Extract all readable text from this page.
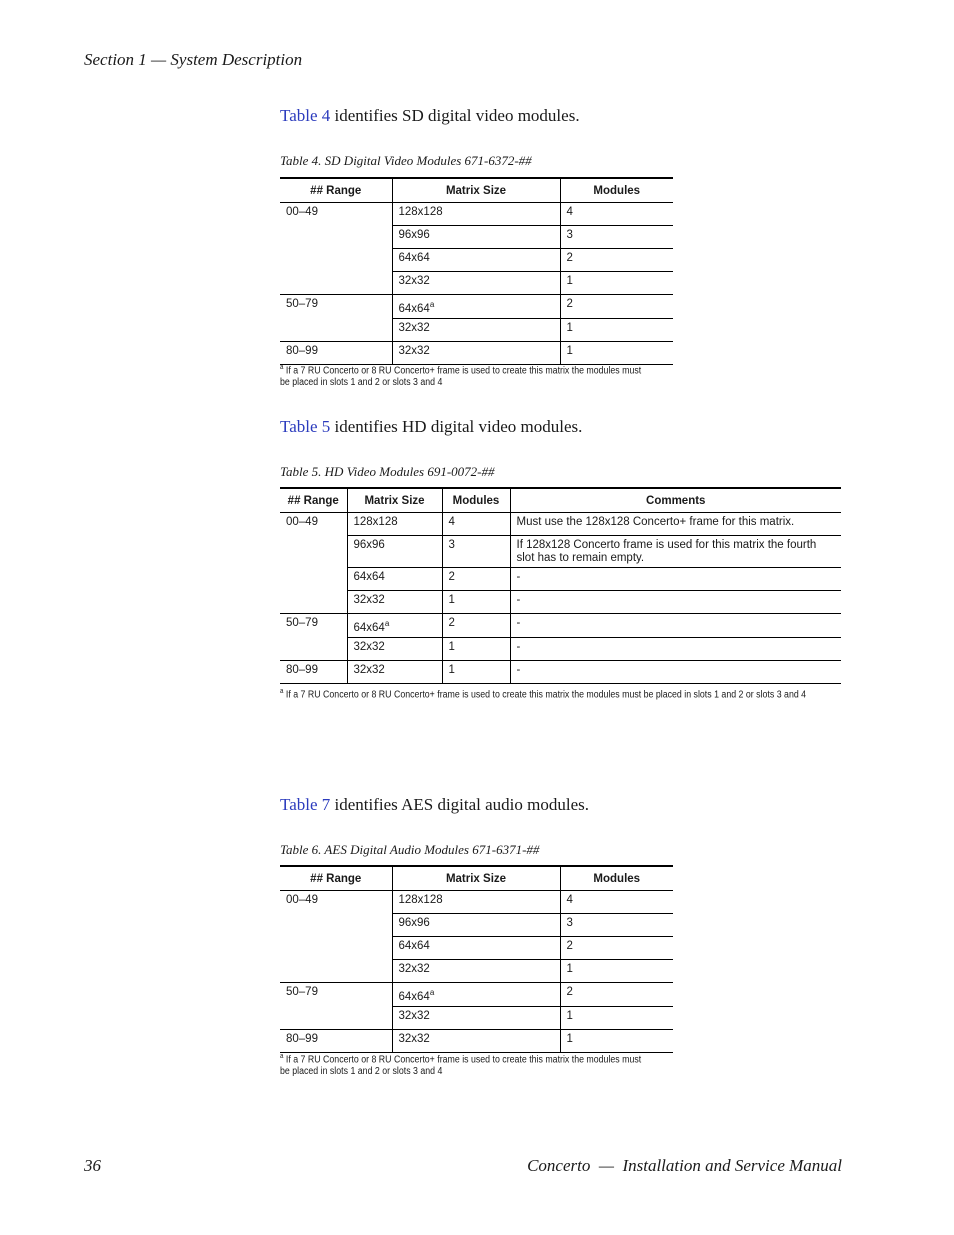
Section 1 — System Description
Table 4 identifies SD digital video modules.
Table 4. SD Digital Video Modules 671-6372-##
## Range	Matrix Size	Modules
00–49	128x128	4
	96x96	3
	64x64	2
	32x32	1
50–79	64x64$^a$	2
	32x32	1
80–99	32x32	1
$^a$ If a 7 RU Concerto or 8 RU Concerto+ frame is used to create this matrix the modules must be placed in slots 1 and 2 or slots 3 and 4
Table 5 identifies HD digital video modules.
Table 5. HD Video Modules 691-0072-##
## Range	Matrix Size	Modules	Comments
00–49	128x128	4	Must use the 128x128 Concerto+ frame for this matrix.
	96x96	3	If 128x128 Concerto frame is used for this matrix the fourth slot has to remain empty.
	64x64	2	-
	32x32	1	-
50–79	64x64$^a$	2	-
	32x32	1	-
80–99	32x32	1	-
$^a$ If a 7 RU Concerto or 8 RU Concerto+ frame is used to create this matrix the modules must be placed in slots 1 and 2 or slots 3 and 4
Table 7 identifies AES digital audio modules.
Table 6. AES Digital Audio Modules 671-6371-##
## Range	Matrix Size	Modules
00–49	128x128	4
	96x96	3
	64x64	2
	32x32	1
50–79	64x64$^a$	2
	32x32	1
80–99	32x32	1
$^a$ If a 7 RU Concerto or 8 RU Concerto+ frame is used to create this matrix the modules must be placed in slots 1 and 2 or slots 3 and 4
36	Concerto  —  Installation and Service Manual
